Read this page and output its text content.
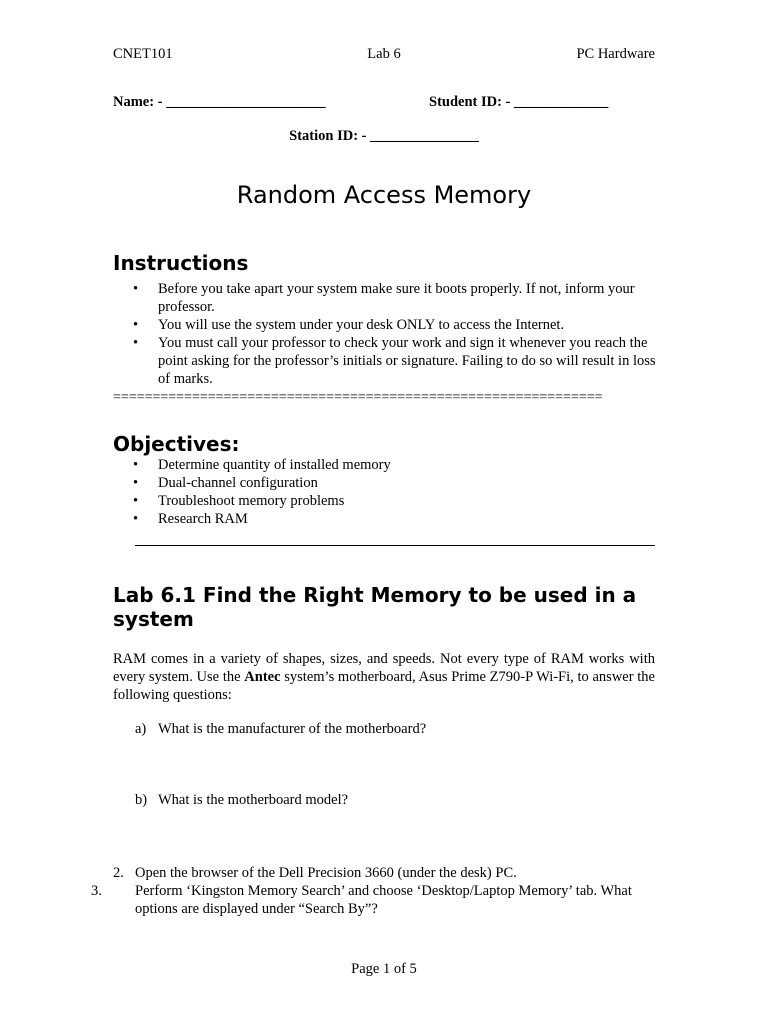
CNET101	Lab 6	PC Hardware
Name: - ______________________	Student ID: - _____________
Station ID: - _______________
Random Access Memory
Instructions
• Before you take apart your system make sure it boots properly. If not, inform your professor.
• You will use the system under your desk ONLY to access the Internet.
• You must call your professor to check your work and sign it whenever you reach the point asking for the professor’s initials or signature. Failing to do so will result in loss of marks.
==============================================================
Objectives:
• Determine quantity of installed memory
• Dual-channel configuration
• Troubleshoot memory problems
• Research RAM
Lab 6.1 Find the Right Memory to be used in a system
RAM comes in a variety of shapes, sizes, and speeds. Not every type of RAM works with every system. Use the Antec system’s motherboard, Asus Prime Z790-P Wi-Fi, to answer the following questions:
a) What is the manufacturer of the motherboard?
b) What is the motherboard model?
2. Open the browser of the Dell Precision 3660 (under the desk) PC.
3. Perform ‘Kingston Memory Search’ and choose ‘Desktop/Laptop Memory’ tab. What options are displayed under “Search By”?
Page 1 of 5
